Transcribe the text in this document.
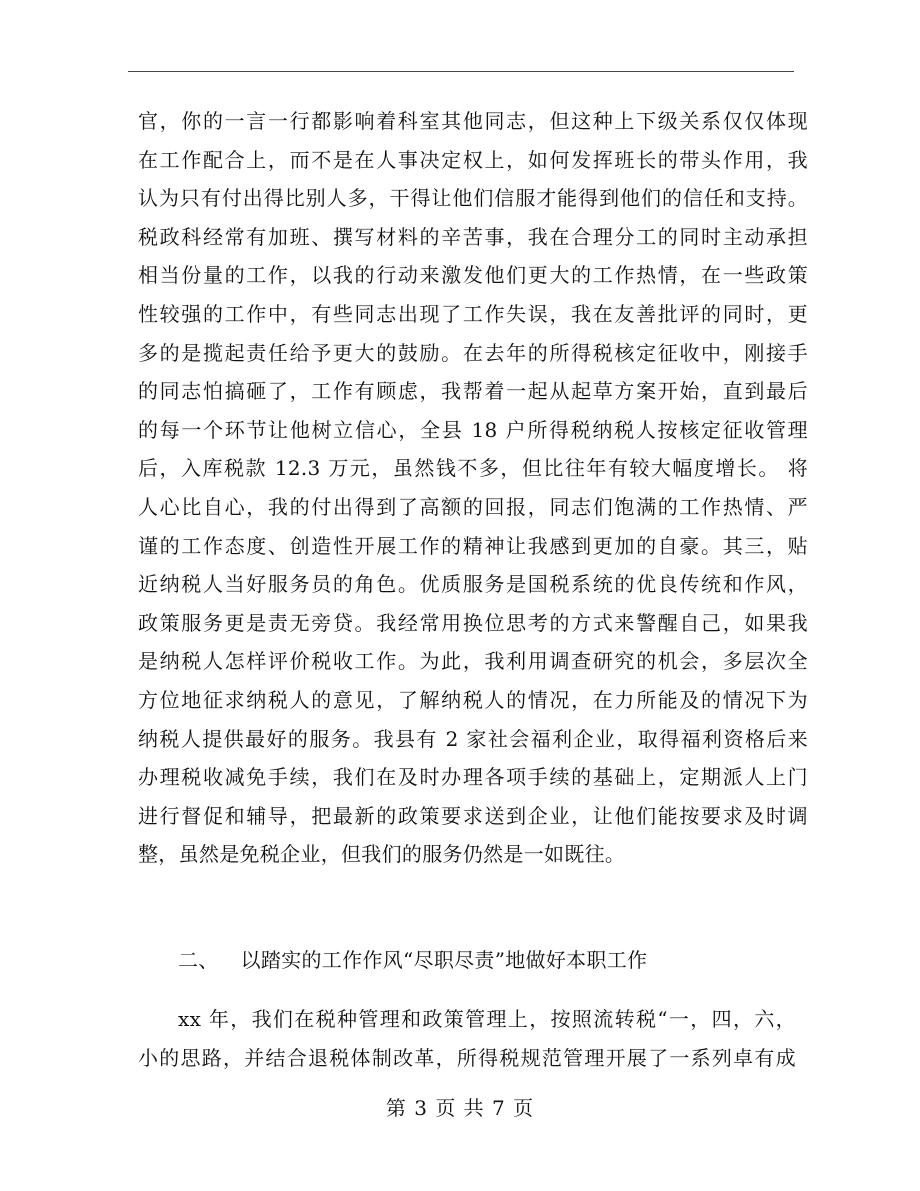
官，你的一言一行都影响着科室其他同志，但这种上下级关系仅仅体现
在工作配合上，而不是在人事决定权上，如何发挥班长的带头作用，我
认为只有付出得比别人多，干得让他们信服才能得到他们的信任和支持。
税政科经常有加班、撰写材料的辛苦事，我在合理分工的同时主动承担
相当份量的工作，以我的行动来激发他们更大的工作热情，在一些政策
性较强的工作中，有些同志出现了工作失误，我在友善批评的同时，更
多的是揽起责任给予更大的鼓励。在去年的所得税核定征收中，刚接手
的同志怕搞砸了，工作有顾虑，我帮着一起从起草方案开始，直到最后
的每一个环节让他树立信心，全县 18 户所得税纳税人按核定征收管理
后，入库税款 12.3 万元，虽然钱不多，但比往年有较大幅度增长。 将
人心比自心，我的付出得到了高额的回报，同志们饱满的工作热情、严
谨的工作态度、创造性开展工作的精神让我感到更加的自豪。其三，贴
近纳税人当好服务员的角色。优质服务是国税系统的优良传统和作风，
政策服务更是责无旁贷。我经常用换位思考的方式来警醒自己，如果我
是纳税人怎样评价税收工作。为此，我利用调查研究的机会，多层次全
方位地征求纳税人的意见，了解纳税人的情况，在力所能及的情况下为
纳税人提供最好的服务。我县有 2 家社会福利企业，取得福利资格后来
办理税收减免手续，我们在及时办理各项手续的基础上，定期派人上门
进行督促和辅导，把最新的政策要求送到企业，让他们能按要求及时调
整，虽然是免税企业，但我们的服务仍然是一如既往。
二、 以踏实的工作作风“尽职尽责”地做好本职工作
xx 年，我们在税种管理和政策管理上，按照流转税“一，四，六，
小的思路，并结合退税体制改革，所得税规范管理开展了一系列卓有成
第 3 页 共 7 页
